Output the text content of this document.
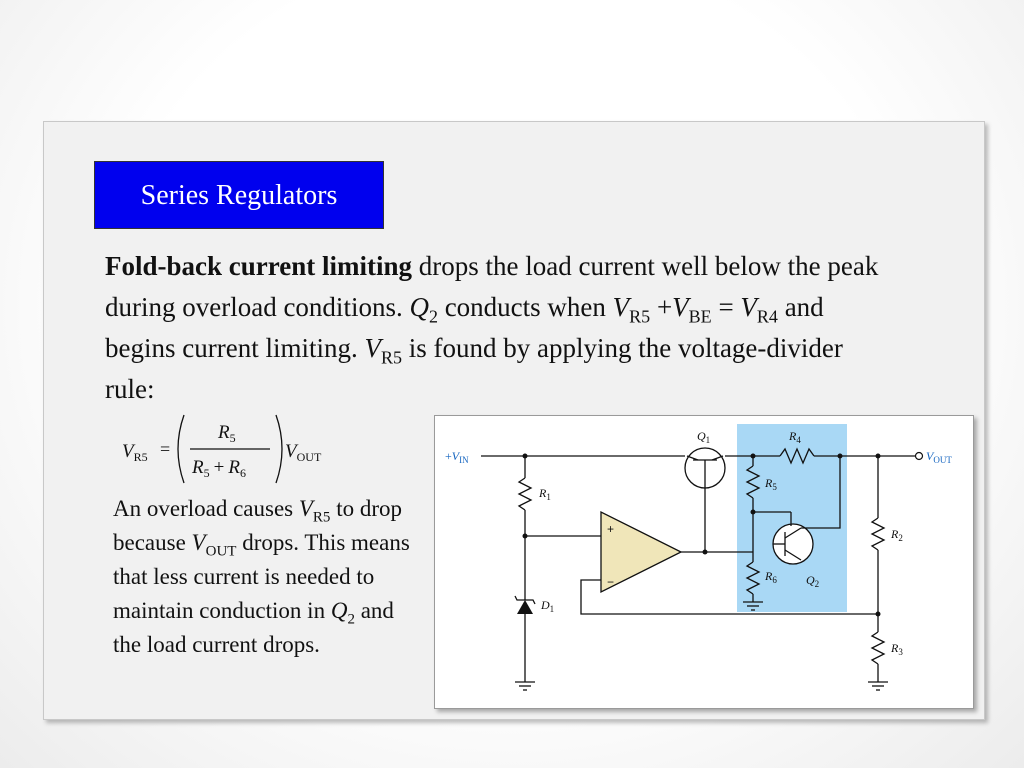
Series Regulators
Fold-back current limiting drops the load current well below the peak during overload conditions. $Q_2$ conducts when $V_{R5} +V_{BE} = V_{R4}$ and begins current limiting. $V_{R5}$ is found by applying the voltage-divider rule:
$V_{R5}$ =
$R_5$
$R_5 + R_6$
$V_{OUT}$
An overload causes $V_{R5}$ to drop because $V_{OUT}$ drops. This means that less current is needed to maintain conduction in $Q_2$ and the load current drops.
$+V_{IN}$	$V_{OUT}$
$Q_1$
$Q_2$
$R_1$
$R_2$
$R_3$
$R_4$
$R_5$
$R_6$
$D_1$
+
−
